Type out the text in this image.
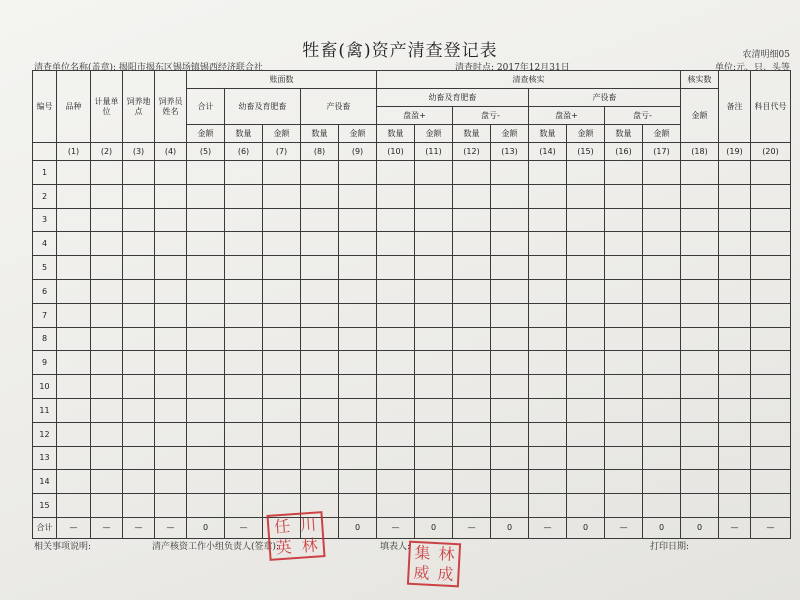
牲畜(禽)资产清查登记表	农清明细05
清查单位名称(盖章): 揭阳市揭东区锡场镇锡西经济联合社	清查时点: 2017年12月31日	单位:元、只、头等
编号	品种	计量单位	饲养地点	饲养员姓名	账面数					清查核实								核实数	备注	科目代号
					合计	幼畜及育肥畜		产役畜		幼畜及育肥畜				产役畜				金额		
										盘盈+		盘亏-		盘盈+		盘亏-				
					金额	数量	金额	数量	金额	数量	金额	数量	金额	数量	金额	数量	金额			
	(1)	(2)	(3)	(4)	(5)	(6)	(7)	(8)	(9)	(10)	(11)	(12)	(13)	(14)	(15)	(16)	(17)	(18)	(19)	(20)
1																				
2																				
3																				
4																				
5																				
6																				
7																				
8																				
9																				
10																				
11																				
12																				
13																				
14																				
15																				
合计	—	—	—	—	0	—			0	—	0	—	0	—	0	—	0	0	—	—
相关事项说明:	清产核资工作小组负责人(签章):	填表人:	打印日期:
任 川
英 林	集 林
威 成
